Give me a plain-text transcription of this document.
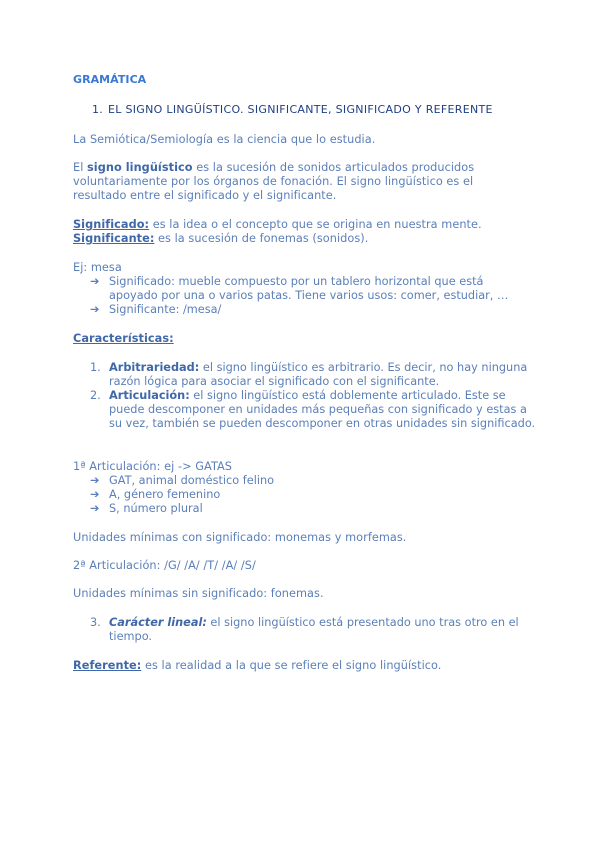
GRAMÁTICA
1. EL SIGNO LINGÜÍSTICO. SIGNIFICANTE, SIGNIFICADO Y REFERENTE
La Semiótica/Semiología es la ciencia que lo estudia.
El signo lingüístico es la sucesión de sonidos articulados producidos
voluntariamente por los órganos de fonación. El signo lingüístico es el
resultado entre el significado y el significante.
Significado: es la idea o el concepto que se origina en nuestra mente.
Significante: es la sucesión de fonemas (sonidos).
Ej: mesa
➔ Significado: mueble compuesto por un tablero horizontal que está
apoyado por una o varios patas. Tiene varios usos: comer, estudiar, …
➔ Significante: /mesa/
Características:
1. Arbitrariedad: el signo lingüístico es arbitrario. Es decir, no hay ninguna razón lógica para asociar el significado con el significante.
2. Articulación: el signo lingüístico está doblemente articulado. Este se puede descomponer en unidades más pequeñas con significado y estas a su vez, también se pueden descomponer en otras unidades sin significado.
1ª Articulación: ej -> GATAS
➔ GAT, animal doméstico felino
➔ A, género femenino
➔ S, número plural
Unidades mínimas con significado: monemas y morfemas.
2ª Articulación: /G/ /A/ /T/ /A/ /S/
Unidades mínimas sin significado: fonemas.
3. Carácter lineal: el signo lingüístico está presentado uno tras otro en el tiempo.
Referente: es la realidad a la que se refiere el signo lingüístico.
